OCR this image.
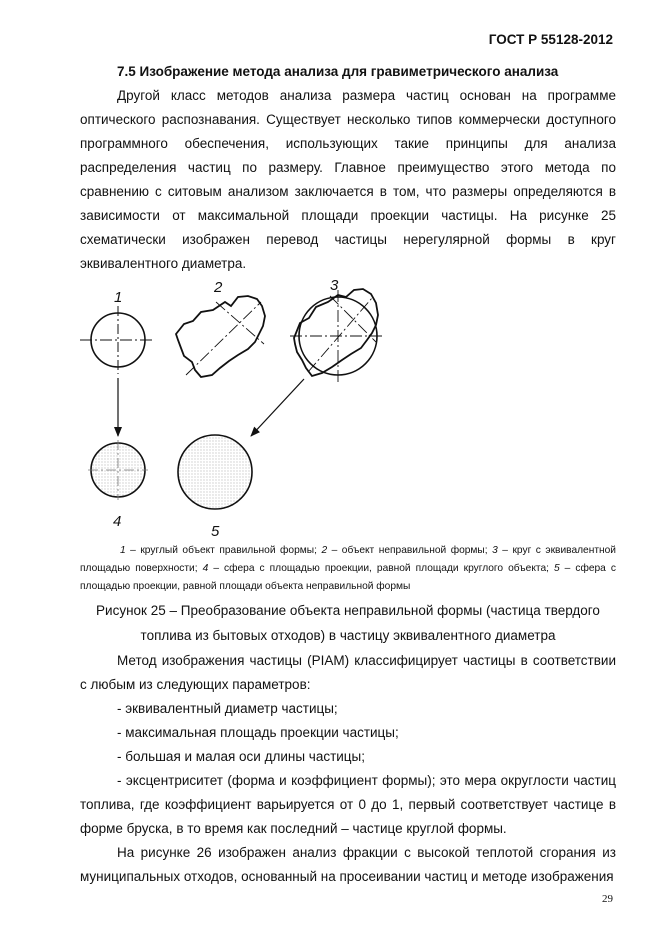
ГОСТ Р 55128-2012
7.5 Изображение метода анализа для гравиметрического анализа
Другой класс методов анализа размера частиц основан на программе оптического распознавания. Существует несколько типов коммерчески доступного программного обеспечения, использующих такие принципы для анализа распределения частиц по размеру. Главное преимущество этого метода по сравнению с ситовым анализом заключается в том, что размеры определяются в зависимости от максимальной площади проекции частицы. На рисунке 25 схематически изображен перевод частицы нерегулярной формы в круг эквивалентного диаметра.
1
2	3
4
5
1 – круглый объект правильной формы; 2 – объект неправильной формы; 3 – круг с эквивалентной площадью поверхности; 4 – сфера с площадью проекции, равной площади круглого объекта; 5 – сфера с площадью проекции, равной площади объекта неправильной формы
Рисунок 25 – Преобразование объекта неправильной формы (частица твердого
топлива из бытовых отходов) в частицу эквивалентного диаметра
Метод изображения частицы (PIAM) классифицирует частицы в соответствии с любым из следующих параметров:
- эквивалентный диаметр частицы;
- максимальная площадь проекции частицы;
- большая и малая оси длины частицы;
- эксцентриситет (форма и коэффициент формы); это мера округлости частиц топлива, где коэффициент варьируется от 0 до 1, первый соответствует частице в форме бруска, в то время как последний – частице круглой формы.
На рисунке 26 изображен анализ фракции с высокой теплотой сгорания из муниципальных отходов, основанный на просеивании частиц и методе изображения
29
